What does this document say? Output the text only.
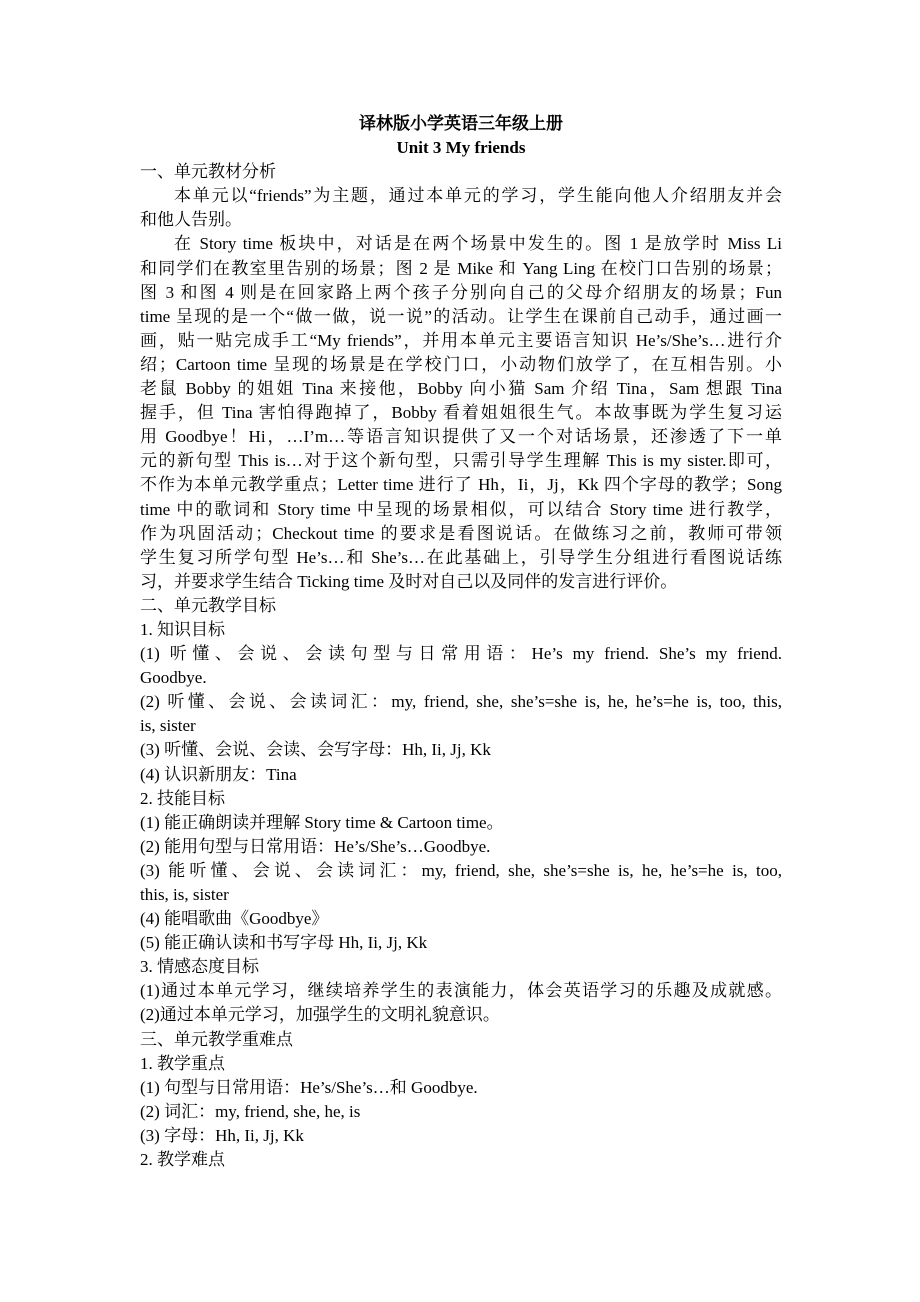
译林版小学英语三年级上册
Unit 3 My friends
一、单元教材分析
本单元以“friends”为主题，通过本单元的学习，学生能向他人介绍朋友并会
和他人告别。
在 Story time 板块中，对话是在两个场景中发生的。图 1 是放学时 Miss Li
和同学们在教室里告别的场景；图 2 是 Mike 和 Yang Ling 在校门口告别的场景；
图 3 和图 4 则是在回家路上两个孩子分别向自己的父母介绍朋友的场景；Fun
time 呈现的是一个“做一做，说一说”的活动。让学生在课前自己动手，通过画一
画，贴一贴完成手工“My friends”，并用本单元主要语言知识 He’s/She’s…进行介
绍；Cartoon time 呈现的场景是在学校门口，小动物们放学了，在互相告别。小
老鼠 Bobby 的姐姐 Tina 来接他，Bobby 向小猫 Sam 介绍 Tina，Sam 想跟 Tina
握手，但 Tina 害怕得跑掉了，Bobby 看着姐姐很生气。本故事既为学生复习运
用 Goodbye！Hi，…I’m…等语言知识提供了又一个对话场景，还渗透了下一单
元的新句型 This is…对于这个新句型，只需引导学生理解 This is my sister.即可，
不作为本单元教学重点；Letter time 进行了 Hh，Ii，Jj，Kk 四个字母的教学；Song
time 中的歌词和 Story time 中呈现的场景相似，可以结合 Story time 进行教学，
作为巩固活动；Checkout time 的要求是看图说话。在做练习之前，教师可带领
学生复习所学句型 He’s…和 She’s…在此基础上，引导学生分组进行看图说话练
习，并要求学生结合 Ticking time 及时对自己以及同伴的发言进行评价。
二、单元教学目标
1. 知识目标
(1) 听懂、会说、会读句型与日常用语：He’s my friend. She’s my friend.
Goodbye.
(2) 听懂、会说、会读词汇：my, friend, she, she’s=she is, he, he’s=he is, too, this,
is, sister
(3) 听懂、会说、会读、会写字母：Hh, Ii, Jj, Kk
(4) 认识新朋友：Tina
2. 技能目标
(1) 能正确朗读并理解 Story time & Cartoon time。
(2) 能用句型与日常用语：He’s/She’s…Goodbye.
(3) 能听懂、会说、会读词汇：my, friend, she, she’s=she is, he, he’s=he is, too,
this, is, sister
(4) 能唱歌曲《Goodbye》
(5) 能正确认读和书写字母 Hh, Ii, Jj, Kk
3. 情感态度目标
(1)通过本单元学习，继续培养学生的表演能力，体会英语学习的乐趣及成就感。
(2)通过本单元学习，加强学生的文明礼貌意识。
三、单元教学重难点
1. 教学重点
(1) 句型与日常用语：He’s/She’s…和 Goodbye.
(2) 词汇：my, friend, she, he, is
(3) 字母：Hh, Ii, Jj, Kk
2. 教学难点
